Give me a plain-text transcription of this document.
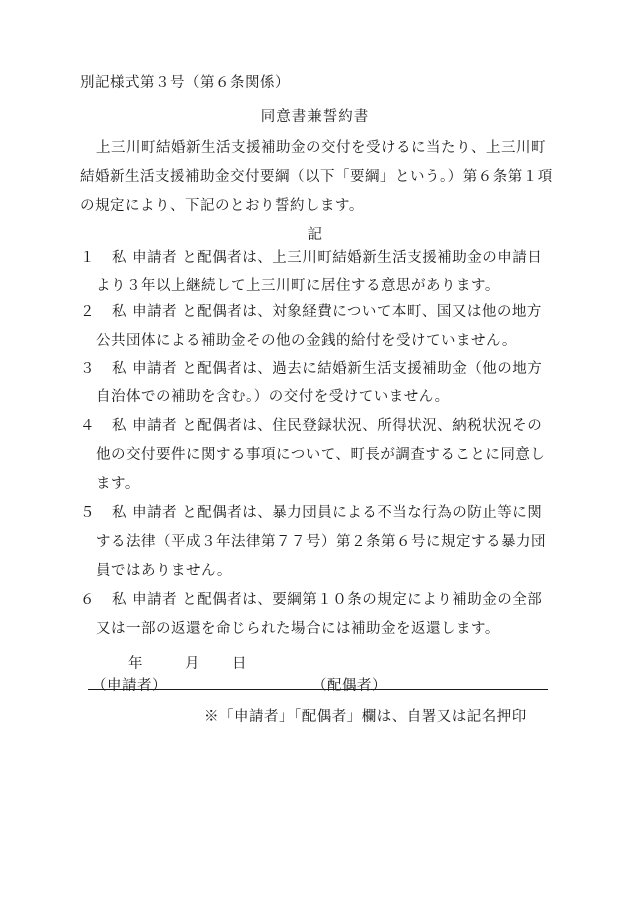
別記様式第３号（第６条関係）
同意書兼誓約書
上三川町結婚新生活支援補助金の交付を受けるに当たり、上三川町
結婚新生活支援補助金交付要綱（以下「要綱」という。）第６条第１項
の規定により、下記のとおり誓約します。
記
１ 私 申請者 と配偶者は、上三川町結婚新生活支援補助金の申請日
より３年以上継続して上三川町に居住する意思があります。
２ 私 申請者 と配偶者は、対象経費について本町、国又は他の地方
公共団体による補助金その他の金銭的給付を受けていません。
３ 私 申請者 と配偶者は、過去に結婚新生活支援補助金（他の地方
自治体での補助を含む。）の交付を受けていません。
４ 私 申請者 と配偶者は、住民登録状況、所得状況、納税状況その
他の交付要件に関する事項について、町長が調査することに同意し
ます。
５ 私 申請者 と配偶者は、暴力団員による不当な行為の防止等に関
する法律（平成３年法律第７７号）第２条第６号に規定する暴力団
員ではありません。
６ 私 申請者 と配偶者は、要綱第１０条の規定により補助金の全部
又は一部の返還を命じられた場合には補助金を返還します。
年	月 日
（申請者）	（配偶者）
※「申請者」「配偶者」欄は、自署又は記名押印
